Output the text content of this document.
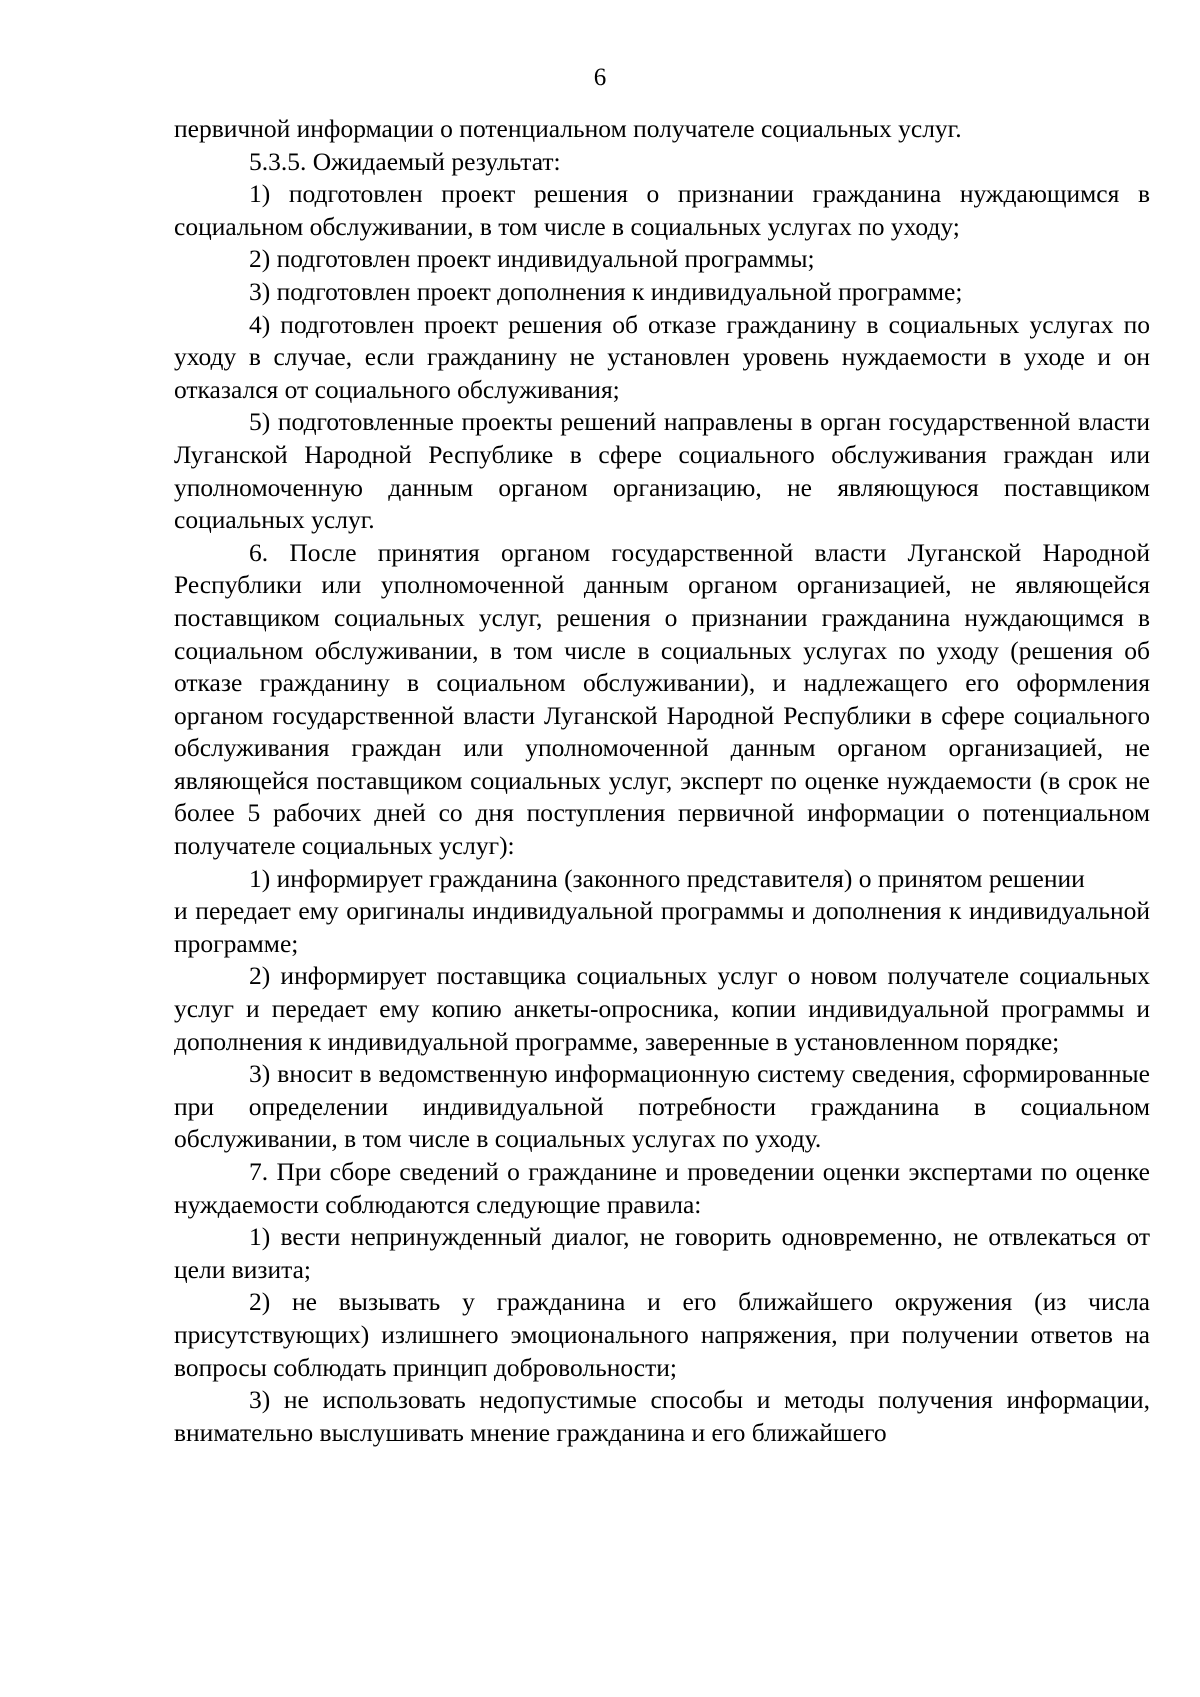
6

первичной информации о потенциальном получателе социальных услуг.

5.3.5. Ожидаемый результат:

1) подготовлен проект решения о признании гражданина нуждающимся в социальном обслуживании, в том числе в социальных услугах по уходу;

2) подготовлен проект индивидуальной программы;

3) подготовлен проект дополнения к индивидуальной программе;

4) подготовлен проект решения об отказе гражданину в социальных услугах по уходу в случае, если гражданину не установлен уровень нуждаемости в уходе и он отказался от социального обслуживания;

5) подготовленные проекты решений направлены в орган государственной власти Луганской Народной Республике в сфере социального обслуживания граждан или уполномоченную данным органом организацию, не являющуюся поставщиком социальных услуг.

6. После принятия органом государственной власти Луганской Народной Республики или уполномоченной данным органом организацией, не являющейся поставщиком социальных услуг, решения о признании гражданина нуждающимся в социальном обслуживании, в том числе в социальных услугах по уходу (решения об отказе гражданину в социальном обслуживании), и надлежащего его оформления органом государственной власти Луганской Народной Республики в сфере социального обслуживания граждан или уполномоченной данным органом организацией, не являющейся поставщиком социальных услуг, эксперт по оценке нуждаемости (в срок не более 5 рабочих дней со дня поступления первичной информации о потенциальном получателе социальных услуг):

1) информирует гражданина (законного представителя) о принятом решении

и передает ему оригиналы индивидуальной программы и дополнения к индивидуальной программе;

2) информирует поставщика социальных услуг о новом получателе социальных услуг и передает ему копию анкеты-опросника, копии индивидуальной программы и дополнения к индивидуальной программе, заверенные в установленном порядке;

3) вносит в ведомственную информационную систему сведения, сформированные при определении индивидуальной потребности гражданина в социальном обслуживании, в том числе в социальных услугах по уходу.

7. При сборе сведений о гражданине и проведении оценки экспертами по оценке нуждаемости соблюдаются следующие правила:

1) вести непринужденный диалог, не говорить одновременно, не отвлекаться от цели визита;

2) не вызывать у гражданина и его ближайшего окружения (из числа присутствующих) излишнего эмоционального напряжения, при получении ответов на вопросы соблюдать принцип добровольности;

3) не использовать недопустимые способы и методы получения информации, внимательно выслушивать мнение гражданина и его ближайшего
